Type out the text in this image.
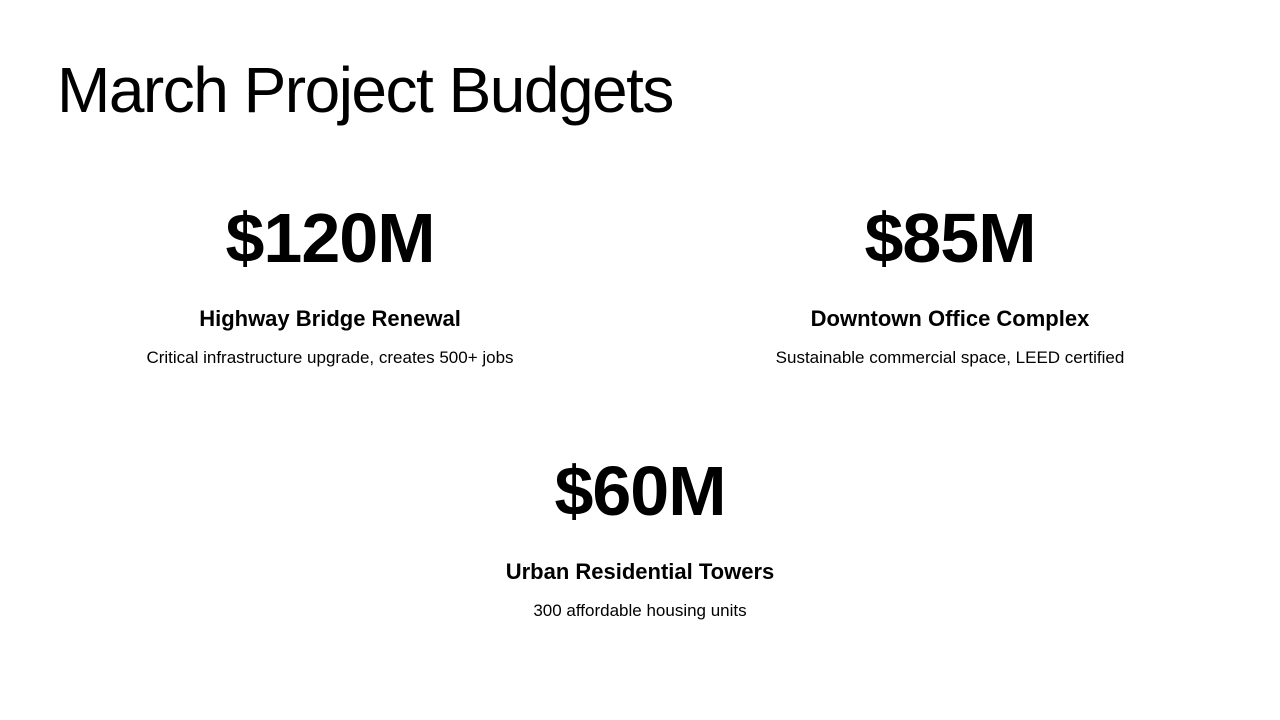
March Project Budgets
$120M
Highway Bridge Renewal
Critical infrastructure upgrade, creates 500+ jobs
$85M
Downtown Office Complex
Sustainable commercial space, LEED certified
$60M
Urban Residential Towers
300 affordable housing units
